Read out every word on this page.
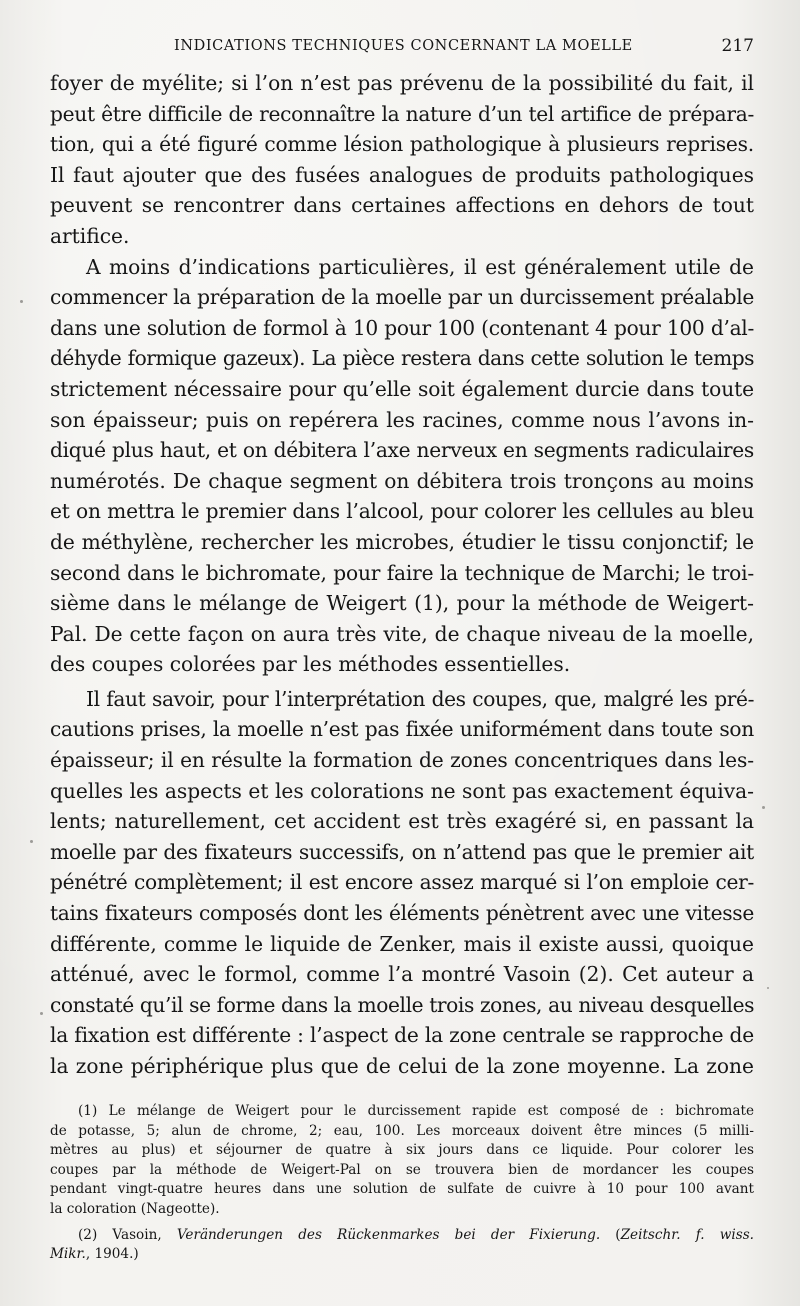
INDICATIONS TECHNIQUES CONCERNANT LA MOELLE	217
foyer de myélite; si l’on n’est pas prévenu de la possibilité du fait, il
peut être difficile de reconnaître la nature d’un tel artifice de prépara-
tion, qui a été figuré comme lésion pathologique à plusieurs reprises.
Il faut ajouter que des fusées analogues de produits pathologiques
peuvent se rencontrer dans certaines affections en dehors de tout
artifice.
A moins d’indications particulières, il est généralement utile de
commencer la préparation de la moelle par un durcissement préalable
dans une solution de formol à 10 pour 100 (contenant 4 pour 100 d’al-
déhyde formique gazeux). La pièce restera dans cette solution le temps
strictement nécessaire pour qu’elle soit également durcie dans toute
son épaisseur; puis on repérera les racines, comme nous l’avons in-
diqué plus haut, et on débitera l’axe nerveux en segments radiculaires
numérotés. De chaque segment on débitera trois tronçons au moins
et on mettra le premier dans l’alcool, pour colorer les cellules au bleu
de méthylène, rechercher les microbes, étudier le tissu conjonctif; le
second dans le bichromate, pour faire la technique de Marchi; le troi-
sième dans le mélange de Weigert (1), pour la méthode de Weigert-
Pal. De cette façon on aura très vite, de chaque niveau de la moelle,
des coupes colorées par les méthodes essentielles.
Il faut savoir, pour l’interprétation des coupes, que, malgré les pré-
cautions prises, la moelle n’est pas fixée uniformément dans toute son
épaisseur; il en résulte la formation de zones concentriques dans les-
quelles les aspects et les colorations ne sont pas exactement équiva-
lents; naturellement, cet accident est très exagéré si, en passant la
moelle par des fixateurs successifs, on n’attend pas que le premier ait
pénétré complètement; il est encore assez marqué si l’on emploie cer-
tains fixateurs composés dont les éléments pénètrent avec une vitesse
différente, comme le liquide de Zenker, mais il existe aussi, quoique
atténué, avec le formol, comme l’a montré Vasoin (2). Cet auteur a
constaté qu’il se forme dans la moelle trois zones, au niveau desquelles
la fixation est différente : l’aspect de la zone centrale se rapproche de
la zone périphérique plus que de celui de la zone moyenne. La zone
(1) Le mélange de Weigert pour le durcissement rapide est composé de : bichromate
de potasse, 5; alun de chrome, 2; eau, 100. Les morceaux doivent être minces (5 milli-
mètres au plus) et séjourner de quatre à six jours dans ce liquide. Pour colorer les
coupes par la méthode de Weigert-Pal on se trouvera bien de mordancer les coupes
pendant vingt-quatre heures dans une solution de sulfate de cuivre à 10 pour 100 avant
la coloration (Nageotte).
(2) Vasoin, Veränderungen des Rückenmarkes bei der Fixierung. (Zeitschr. f. wiss.
Mikr., 1904.)
